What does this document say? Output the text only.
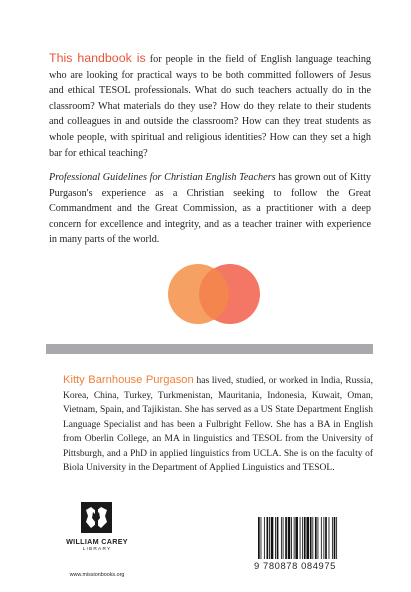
This handbook is for people in the field of English language teaching who are looking for practical ways to be both committed followers of Jesus and ethical TESOL professionals. What do such teachers actually do in the classroom? What materials do they use? How do they relate to their students and colleagues in and outside the classroom? How can they treat students as whole people, with spiritual and religious identities? How can they set a high bar for ethical teaching?

Professional Guidelines for Christian English Teachers has grown out of Kitty Purgason's experience as a Christian seeking to follow the Great Commandment and the Great Commission, as a practitioner with a deep concern for excellence and integrity, and as a teacher trainer with experience in many parts of the world.

Kitty Barnhouse Purgason has lived, studied, or worked in India, Russia, Korea, China, Turkey, Turkmenistan, Mauritania, Indonesia, Kuwait, Oman, Vietnam, Spain, and Tajikistan. She has served as a US State Department English Language Specialist and has been a Fulbright Fellow. She has a BA in English from Oberlin College, an MA in linguistics and TESOL from the University of Pittsburgh, and a PhD in applied linguistics from UCLA. She is on the faculty of Biola University in the Department of Applied Linguistics and TESOL.

WILLIAM CAREY
LIBRARY
www.missionbooks.org
9 780878 084975
